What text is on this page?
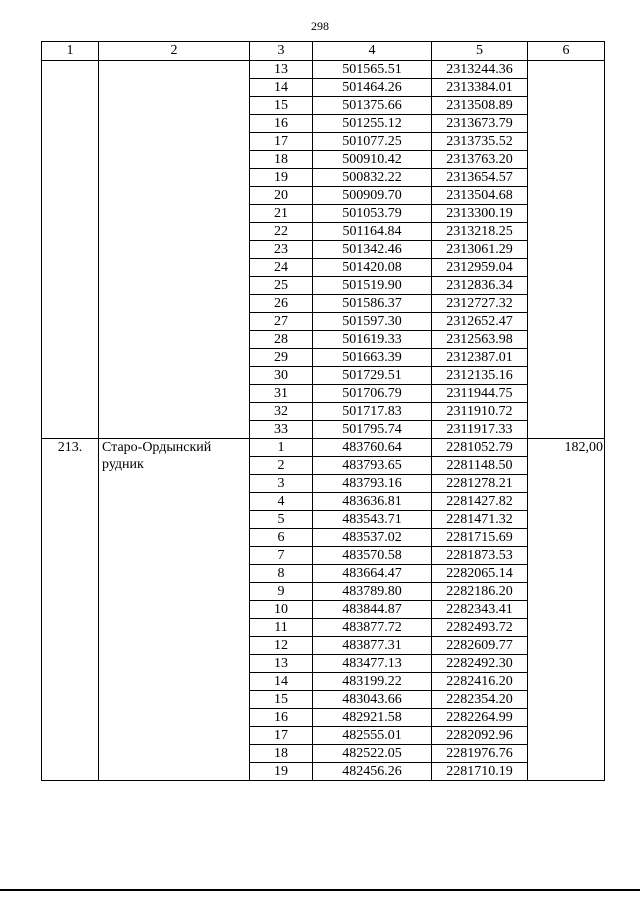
298
1	2	3	4	5	6
		13	501565.51	2313244.36	
		14	501464.26	2313384.01	
		15	501375.66	2313508.89	
		16	501255.12	2313673.79	
		17	501077.25	2313735.52	
		18	500910.42	2313763.20	
		19	500832.22	2313654.57	
		20	500909.70	2313504.68	
		21	501053.79	2313300.19	
		22	501164.84	2313218.25	
		23	501342.46	2313061.29	
		24	501420.08	2312959.04	
		25	501519.90	2312836.34	
		26	501586.37	2312727.32	
		27	501597.30	2312652.47	
		28	501619.33	2312563.98	
		29	501663.39	2312387.01	
		30	501729.51	2312135.16	
		31	501706.79	2311944.75	
		32	501717.83	2311910.72	
		33	501795.74	2311917.33	
213.	Старо-Ордынский рудник	1	483760.64	2281052.79	182,00
		2	483793.65	2281148.50	
		3	483793.16	2281278.21	
		4	483636.81	2281427.82	
		5	483543.71	2281471.32	
		6	483537.02	2281715.69	
		7	483570.58	2281873.53	
		8	483664.47	2282065.14	
		9	483789.80	2282186.20	
		10	483844.87	2282343.41	
		11	483877.72	2282493.72	
		12	483877.31	2282609.77	
		13	483477.13	2282492.30	
		14	483199.22	2282416.20	
		15	483043.66	2282354.20	
		16	482921.58	2282264.99	
		17	482555.01	2282092.96	
		18	482522.05	2281976.76	
		19	482456.26	2281710.19	
